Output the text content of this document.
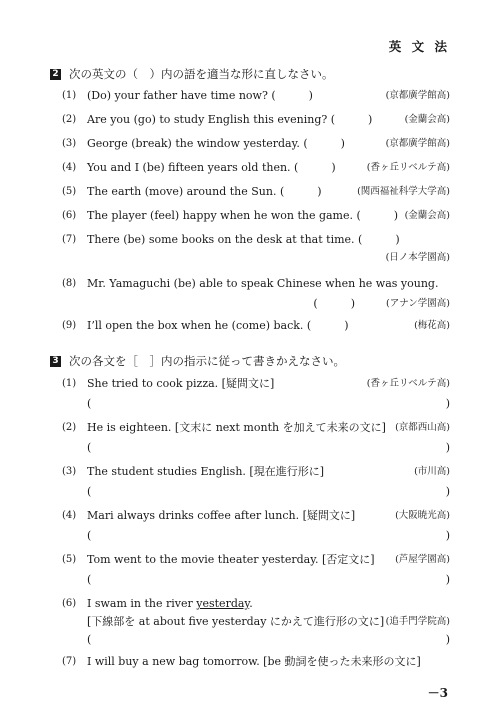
英 文 法
2 次の英文の（　）内の語を適当な形に直しなさい。
(1) (Do) your father have time now? (　　　)	(京都廣学館高)
(2) Are you (go) to study English this evening? (　　　)	(金蘭会高)
(3) George (break) the window yesterday. (　　　)	(京都廣学館高)
(4) You and I (be) fifteen years old then. (　　　)	(香ヶ丘リベルテ高)
(5) The earth (move) around the Sun. (　　　)	(関西福祉科学大学高)
(6) The player (feel) happy when he won the game. (　　　) (金蘭会高)
(7) There (be) some books on the desk at that time. (　　　)
(日ノ本学園高)
(8) Mr. Yamaguchi (be) able to speak Chinese when he was young.
(　　　)	(アナン学園高)
(9) I’ll open the box when he (come) back. (　　　)	(梅花高)
3 次の各文を［　］内の指示に従って書きかえなさい。
(1) She tried to cook pizza. [疑問文に]	(香ヶ丘リベルテ高)
(	)
(2) He is eighteen. [文末に next month を加えて未来の文に] (京都西山高)
(	)
(3) The student studies English. [現在進行形に]	(市川高)
(	)
(4) Mari always drinks coffee after lunch. [疑問文に]	(大阪暁光高)
(	)
(5) Tom went to the movie theater yesterday. [否定文に] (芦屋学園高)
(	)
(6) I swam in the river yesterday.
[下線部を at about five yesterday にかえて進行形の文に] (追手門学院高)
(	)
(7) I will buy a new bag tomorrow. [be 動詞を使った未来形の文に]
－3
